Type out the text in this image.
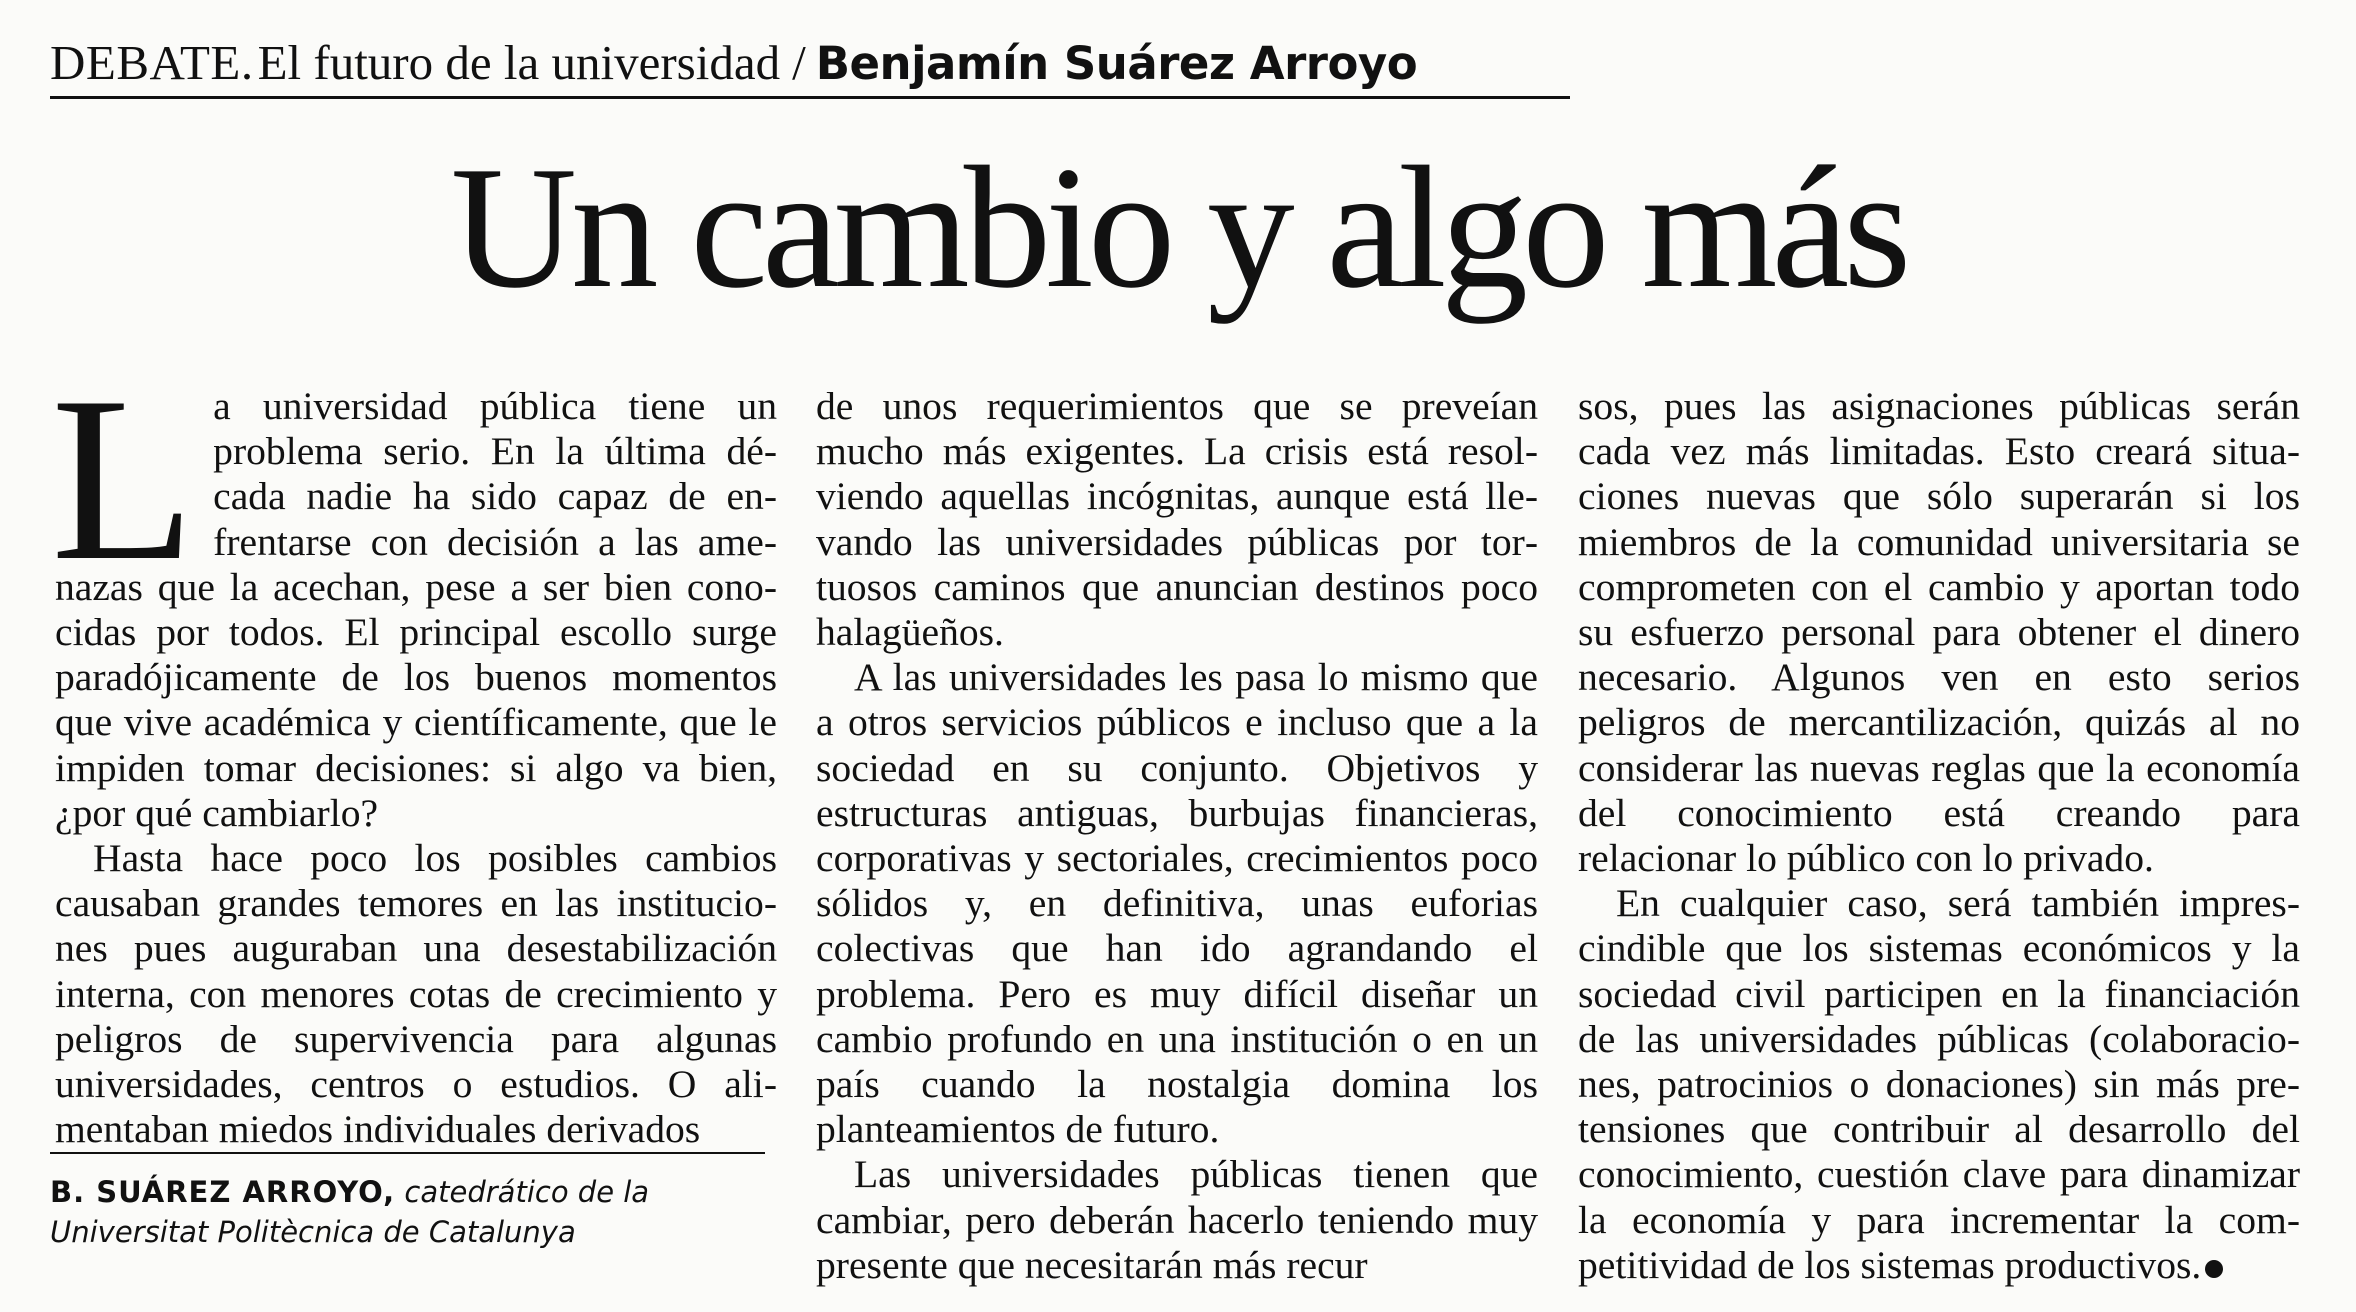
DEBATE. El futuro de la universidad / Benjamín Suárez Arroyo
Un cambio y algo más

La universidad pública tiene un problema serio. En la última década nadie ha sido capaz de enfrentarse con decisión a las amenazas que la acechan, pese a ser bien conocidas por todos. El principal escollo surge paradójicamente de los buenos momentos que vive académica y científicamente, que le impiden tomar decisiones: si algo va bien, ¿por qué cambiarlo?

Hasta hace poco los posibles cambios causaban grandes temores en las instituciones pues auguraban una desestabilización interna, con menores cotas de crecimiento y peligros de supervivencia para algunas universidades, centros o estudios. O alimentaban miedos individuales derivados

de unos requerimientos que se preveían mucho más exigentes. La crisis está resolviendo aquellas incógnitas, aunque está llevando las universidades públicas por tortuosos caminos que anuncian destinos poco halagüeños.

A las universidades les pasa lo mismo que a otros servicios públicos e incluso que a la sociedad en su conjunto. Objetivos y estructuras antiguas, burbujas financieras, corporativas y sectoriales, crecimientos poco sólidos y, en definitiva, unas euforias colectivas que han ido agrandando el problema. Pero es muy difícil diseñar un cambio profundo en una institución o en un país cuando la nostalgia domina los planteamientos de futuro.

Las universidades públicas tienen que cambiar, pero deberán hacerlo teniendo muy presente que necesitarán más recur

sos, pues las asignaciones públicas serán cada vez más limitadas. Esto creará situaciones nuevas que sólo superarán si los miembros de la comunidad universitaria se comprometen con el cambio y aportan todo su esfuerzo personal para obtener el dinero necesario. Algunos ven en esto serios peligros de mercantilización, quizás al no considerar las nuevas reglas que la economía del conocimiento está creando para relacionar lo público con lo privado.

En cualquier caso, será también imprescindible que los sistemas económicos y la sociedad civil participen en la financiación de las universidades públicas (colaboraciones, patrocinios o donaciones) sin más pretensiones que contribuir al desarrollo del conocimiento, cuestión clave para dinamizar la economía y para incrementar la competitividad de los sistemas productivos.

B. SUÁREZ ARROYO, catedrático de la Universitat Politècnica de Catalunya
